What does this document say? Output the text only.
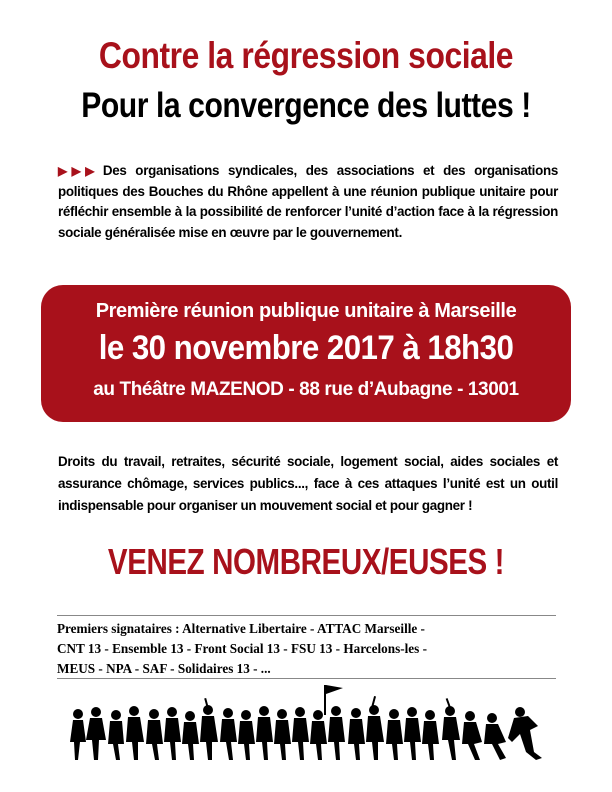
Contre la régression sociale
Pour la convergence des luttes !
▶▶▶ Des organisations syndicales, des associations et des organisations politiques des Bouches du Rhône appellent à une réunion publique unitaire pour réfléchir ensemble à la possibilité de renforcer l’unité d’action face à la régression sociale généralisée mise en œuvre par le gouvernement.
Première réunion publique unitaire à Marseille
le 30 novembre 2017 à 18h30
au Théâtre MAZENOD - 88 rue d’Aubagne - 13001
Droits du travail, retraites, sécurité sociale, logement social, aides sociales et assurance chômage, services publics..., face à ces attaques l’unité est un outil indispensable pour organiser un mouvement social et pour gagner !
VENEZ NOMBREUX/EUSES !
Premiers signataires : Alternative Libertaire - ATTAC Marseille -
CNT 13 - Ensemble 13 - Front Social 13 - FSU 13 - Harcelons-les -
MEUS - NPA - SAF - Solidaires 13 - ...
